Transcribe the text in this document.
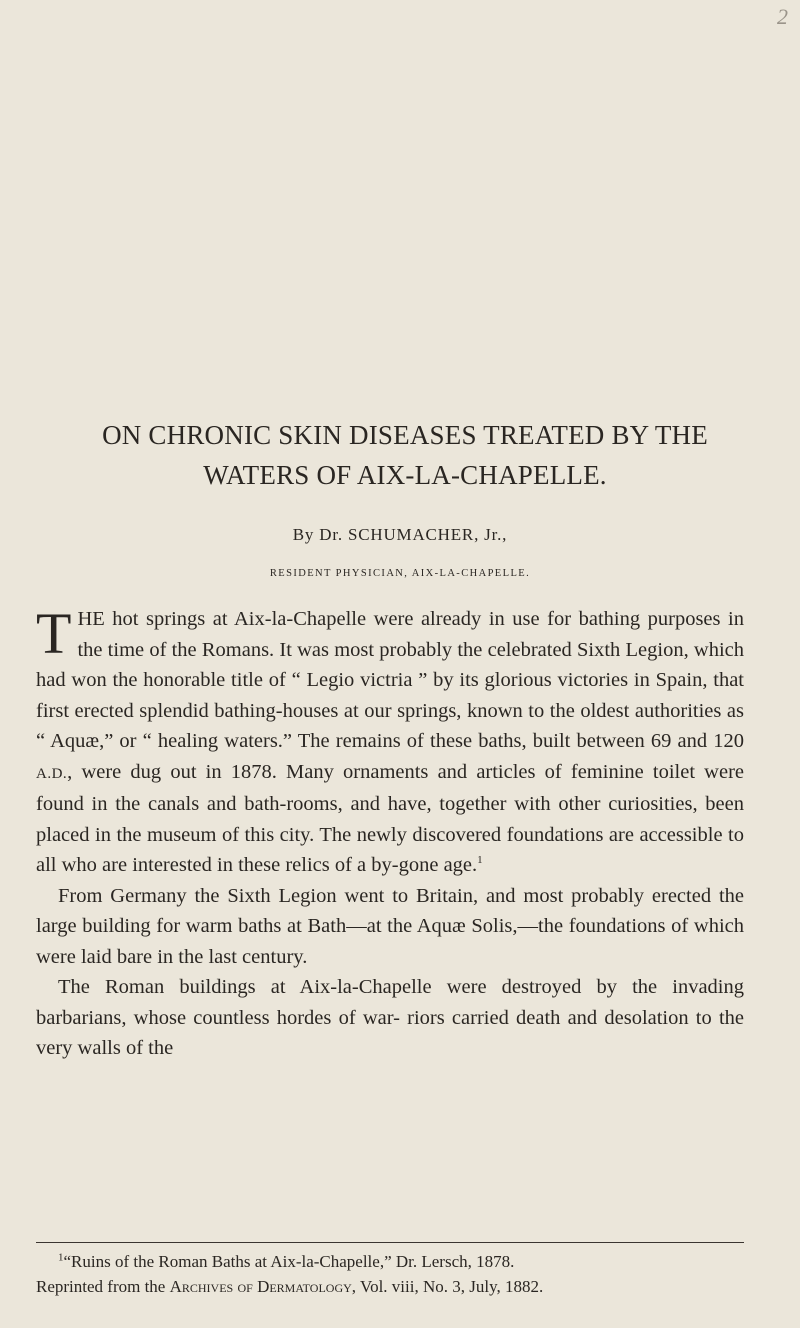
2
ON CHRONIC SKIN DISEASES TREATED BY THE
WATERS OF AIX-LA-CHAPELLE.
By Dr. SCHUMACHER, Jr.,
RESIDENT PHYSICIAN, AIX-LA-CHAPELLE.

THE hot springs at Aix-la-Chapelle were already in use for bathing purposes in the time of the Romans. It was most probably the celebrated Sixth Legion, which had won the honorable title of “ Legio victria ” by its glorious victories in Spain, that first erected splendid bathing-houses at our springs, known to the oldest authorities as “ Aquæ,” or “ healing waters.” The remains of these baths, built between 69 and 120 A.D., were dug out in 1878. Many ornaments and articles of feminine toilet were found in the canals and bath-rooms, and have, together with other curiosities, been placed in the museum of this city. The newly discovered foundations are accessible to all who are interested in these relics of a by-gone age.$^1$

From Germany the Sixth Legion went to Britain, and most probably erected the large building for warm baths at Bath—at the Aquæ Solis,—the foundations of which were laid bare in the last century.

The Roman buildings at Aix-la-Chapelle were destroyed by the invading barbarians, whose countless hordes of war- riors carried death and desolation to the very walls of the

$^1$“Ruins of the Roman Baths at Aix-la-Chapelle,” Dr. Lersch, 1878.
Reprinted from the Archives of Dermatology, Vol. viii, No. 3, July, 1882.
